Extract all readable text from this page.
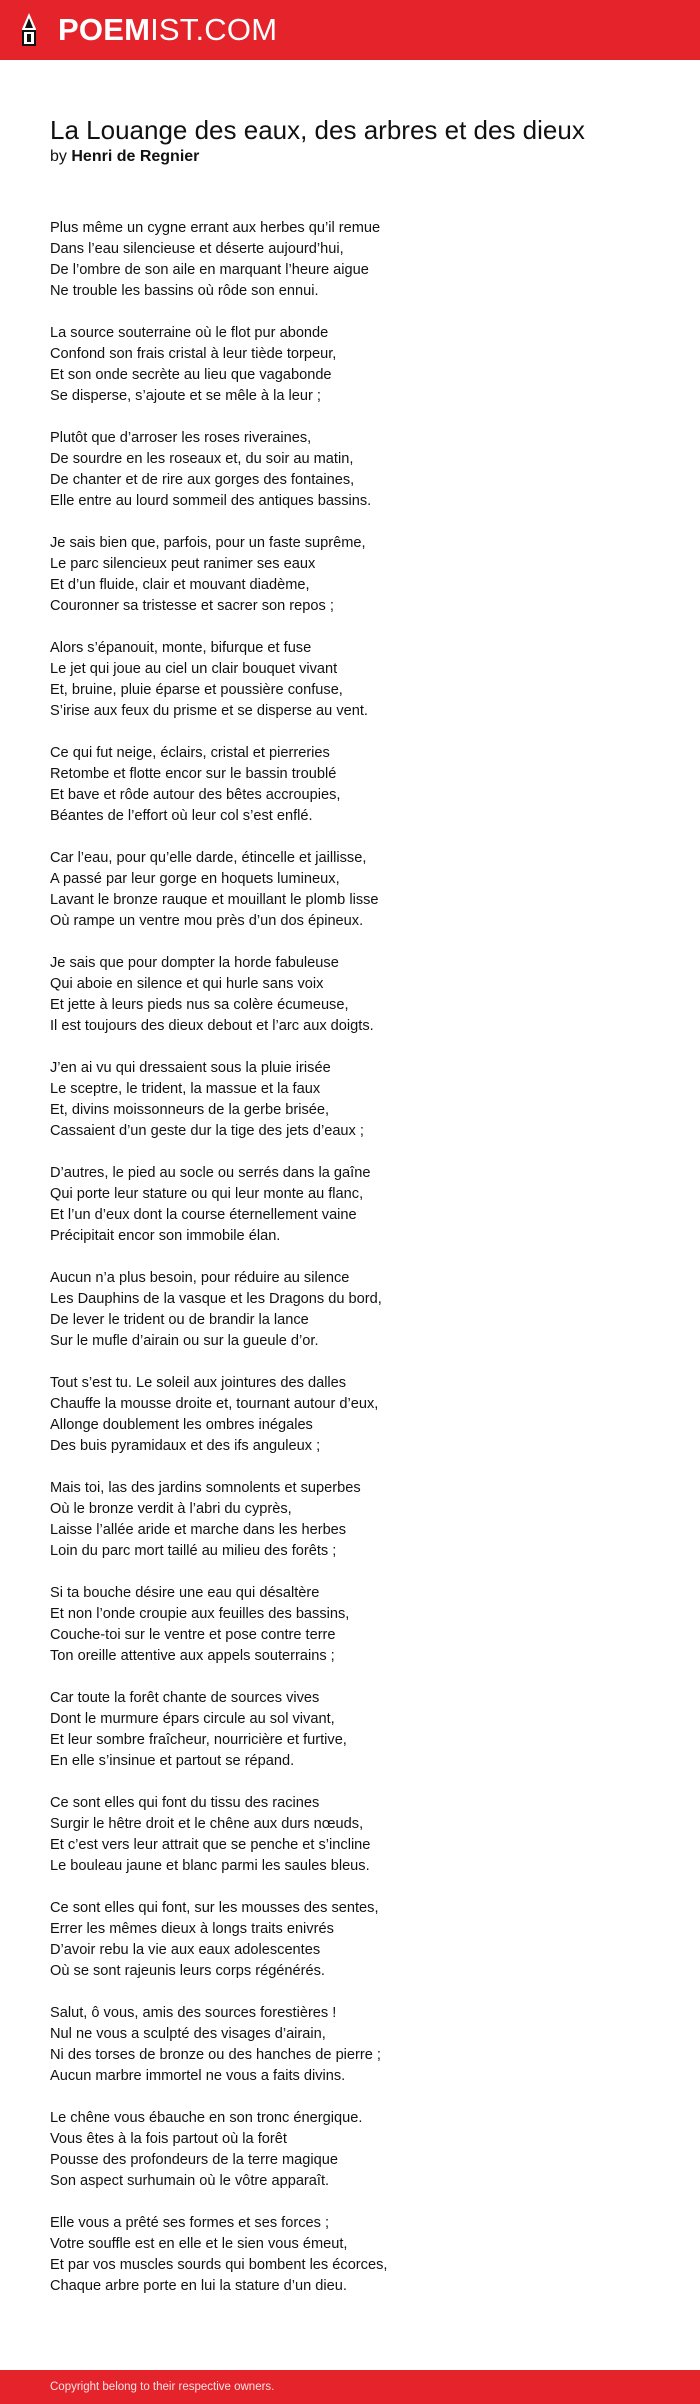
POEMIST.COM
La Louange des eaux, des arbres et des dieux
by Henri de Regnier
Plus même un cygne errant aux herbes qu’il remue
Dans l’eau silencieuse et déserte aujourd’hui,
De l’ombre de son aile en marquant l’heure aigue
Ne trouble les bassins où rôde son ennui.
La source souterraine où le flot pur abonde
Confond son frais cristal à leur tiède torpeur,
Et son onde secrète au lieu que vagabonde
Se disperse, s’ajoute et se mêle à la leur ;
Plutôt que d’arroser les roses riveraines,
De sourdre en les roseaux et, du soir au matin,
De chanter et de rire aux gorges des fontaines,
Elle entre au lourd sommeil des antiques bassins.
Je sais bien que, parfois, pour un faste suprême,
Le parc silencieux peut ranimer ses eaux
Et d’un fluide, clair et mouvant diadème,
Couronner sa tristesse et sacrer son repos ;
Alors s’épanouit, monte, bifurque et fuse
Le jet qui joue au ciel un clair bouquet vivant
Et, bruine, pluie éparse et poussière confuse,
S’irise aux feux du prisme et se disperse au vent.
Ce qui fut neige, éclairs, cristal et pierreries
Retombe et flotte encor sur le bassin troublé
Et bave et rôde autour des bêtes accroupies,
Béantes de l’effort où leur col s’est enflé.
Car l’eau, pour qu’elle darde, étincelle et jaillisse,
A passé par leur gorge en hoquets lumineux,
Lavant le bronze rauque et mouillant le plomb lisse
Où rampe un ventre mou près d’un dos épineux.
Je sais que pour dompter la horde fabuleuse
Qui aboie en silence et qui hurle sans voix
Et jette à leurs pieds nus sa colère écumeuse,
Il est toujours des dieux debout et l’arc aux doigts.
J’en ai vu qui dressaient sous la pluie irisée
Le sceptre, le trident, la massue et la faux
Et, divins moissonneurs de la gerbe brisée,
Cassaient d’un geste dur la tige des jets d’eaux ;
D’autres, le pied au socle ou serrés dans la gaîne
Qui porte leur stature ou qui leur monte au flanc,
Et l’un d’eux dont la course éternellement vaine
Précipitait encor son immobile élan.
Aucun n’a plus besoin, pour réduire au silence
Les Dauphins de la vasque et les Dragons du bord,
De lever le trident ou de brandir la lance
Sur le mufle d’airain ou sur la gueule d’or.
Tout s’est tu. Le soleil aux jointures des dalles
Chauffe la mousse droite et, tournant autour d’eux,
Allonge doublement les ombres inégales
Des buis pyramidaux et des ifs anguleux ;
Mais toi, las des jardins somnolents et superbes
Où le bronze verdit à l’abri du cyprès,
Laisse l’allée aride et marche dans les herbes
Loin du parc mort taillé au milieu des forêts ;
Si ta bouche désire une eau qui désaltère
Et non l’onde croupie aux feuilles des bassins,
Couche-toi sur le ventre et pose contre terre
Ton oreille attentive aux appels souterrains ;
Car toute la forêt chante de sources vives
Dont le murmure épars circule au sol vivant,
Et leur sombre fraîcheur, nourricière et furtive,
En elle s’insinue et partout se répand.
Ce sont elles qui font du tissu des racines
Surgir le hêtre droit et le chêne aux durs nœuds,
Et c’est vers leur attrait que se penche et s’incline
Le bouleau jaune et blanc parmi les saules bleus.
Ce sont elles qui font, sur les mousses des sentes,
Errer les mêmes dieux à longs traits enivrés
D’avoir rebu la vie aux eaux adolescentes
Où se sont rajeunis leurs corps régénérés.
Salut, ô vous, amis des sources forestières !
Nul ne vous a sculpté des visages d’airain,
Ni des torses de bronze ou des hanches de pierre ;
Aucun marbre immortel ne vous a faits divins.
Le chêne vous ébauche en son tronc énergique.
Vous êtes à la fois partout où la forêt
Pousse des profondeurs de la terre magique
Son aspect surhumain où le vôtre apparaît.
Elle vous a prêté ses formes et ses forces ;
Votre souffle est en elle et le sien vous émeut,
Et par vos muscles sourds qui bombent les écorces,
Chaque arbre porte en lui la stature d’un dieu.
Copyright belong to their respective owners.
